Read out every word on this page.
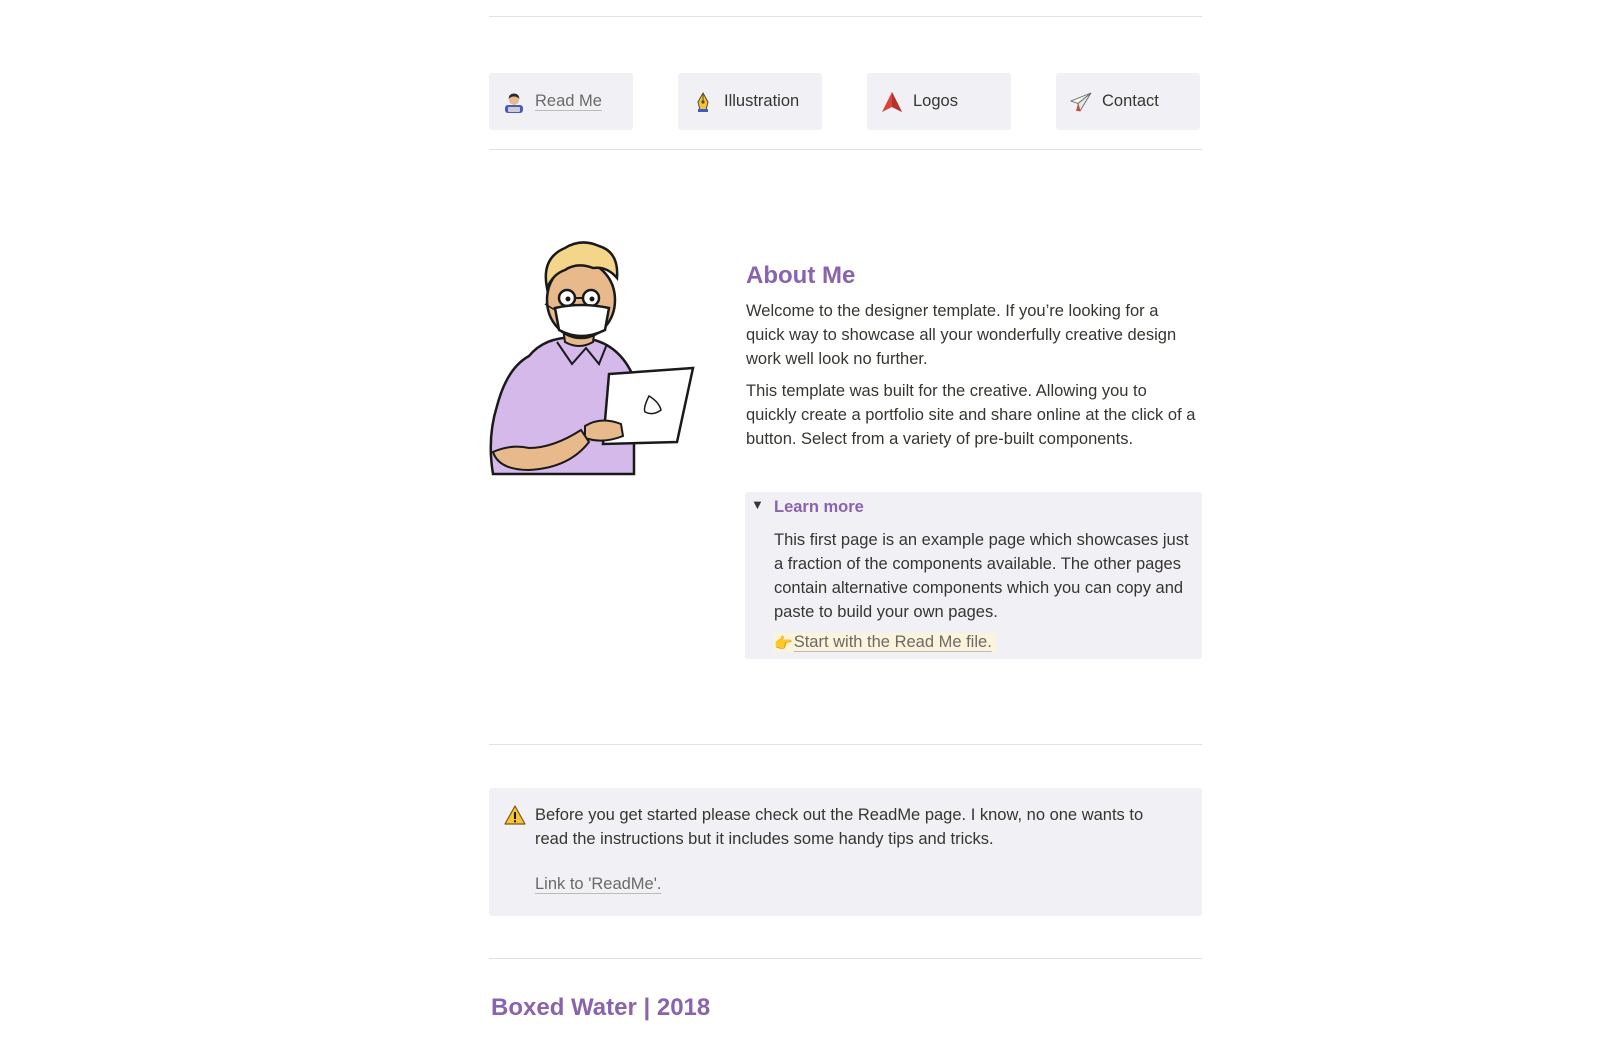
Read Me	Illustration	Logos	Contact
About Me

Welcome to the designer template. If you’re looking for a quick way to showcase all your wonderfully creative design work well look no further.

This template was built for the creative. Allowing you to quickly create a portfolio site and share online at the click of a button. Select from a variety of pre-built components.

▼ Learn more

This first page is an example page which showcases just a fraction of the components available. The other pages contain alternative components which you can copy and paste to build your own pages.

👉 Start with the Read Me file.

Before you get started please check out the ReadMe page. I know, no one wants to read the instructions but it includes some handy tips and tricks.

Link to 'ReadMe'.
Boxed Water | 2018
